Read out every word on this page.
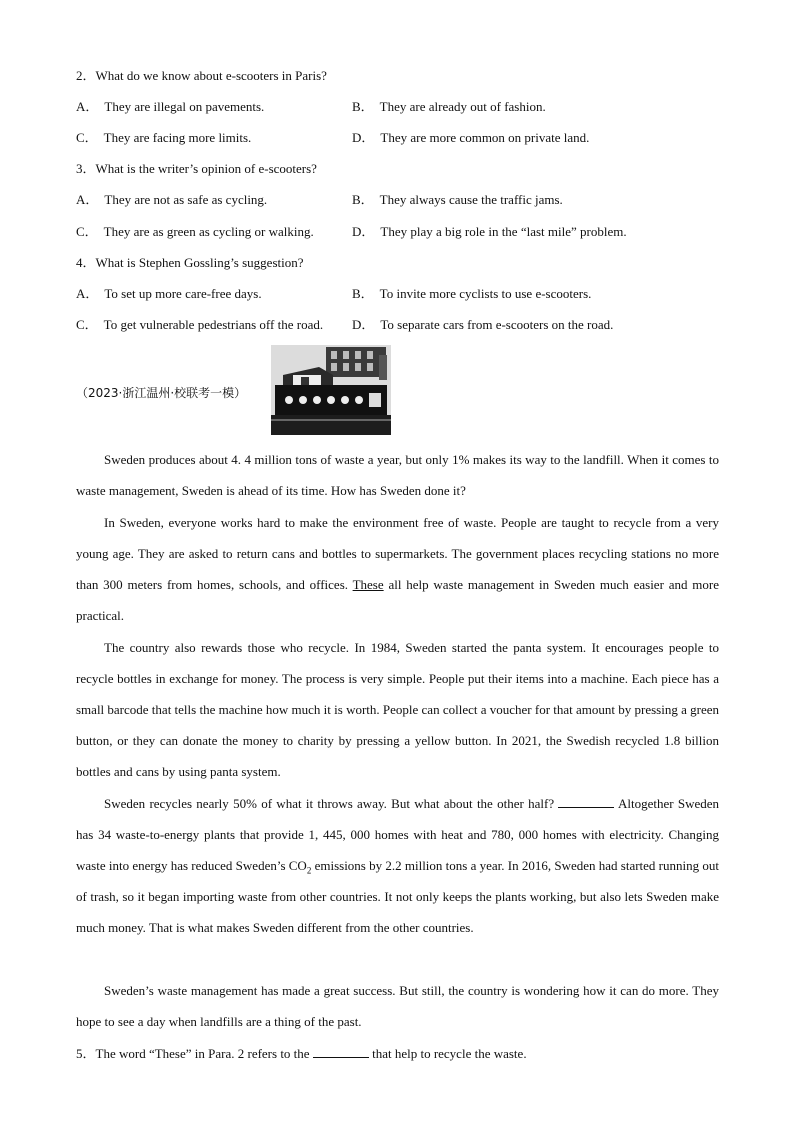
2．What do we know about e-scooters in Paris?
A． They are illegal on pavements.	B． They are already out of fashion.
C． They are facing more limits.	D． They are more common on private land.
3．What is the writer’s opinion of e-scooters?
A． They are not as safe as cycling.	B． They always cause the traffic jams.
C． They are as green as cycling or walking.	D． They play a big role in the “last mile” problem.
4．What is Stephen Gossling’s suggestion?
A． To set up more care-free days.	B． To invite more cyclists to use e-scooters.
C． To get vulnerable pedestrians off the road. D． To separate cars from e-scooters on the road.
（2023·浙江温州·校联考一模）
Sweden produces about 4. 4 million tons of waste a year, but only 1% makes its way to the landfill. When it comes to waste management, Sweden is ahead of its time. How has Sweden done it?
In Sweden, everyone works hard to make the environment free of waste. People are taught to recycle from a very young age. They are asked to return cans and bottles to supermarkets. The government places recycling stations no more than 300 meters from homes, schools, and offices. These all help waste management in Sweden much easier and more practical.
The country also rewards those who recycle. In 1984, Sweden started the panta system. It encourages people to recycle bottles in exchange for money. The process is very simple. People put their items into a machine. Each piece has a small barcode that tells the machine how much it is worth. People can collect a voucher for that amount by pressing a green button, or they can donate the money to charity by pressing a yellow button. In 2021, the Swedish recycled 1.8 billion bottles and cans by using panta system.
Sweden recycles nearly 50% of what it throws away. But what about the other half?	Altogether Sweden has 34 waste-to-energy plants that provide 1, 445, 000 homes with heat and 780, 000 homes with electricity. Changing waste into energy has reduced Sweden’s $CO_2$ emissions by 2.2 million tons a year. In 2016, Sweden had started running out of trash, so it began importing waste from other countries. It not only keeps the plants working, but also lets Sweden make much money. That is what makes Sweden different from the other countries.
Sweden’s waste management has made a great success. But still, the country is wondering how it can do more. They hope to see a day when landfills are a thing of the past.
5．The word “These” in Para. 2 refers to the	that help to recycle the waste.
